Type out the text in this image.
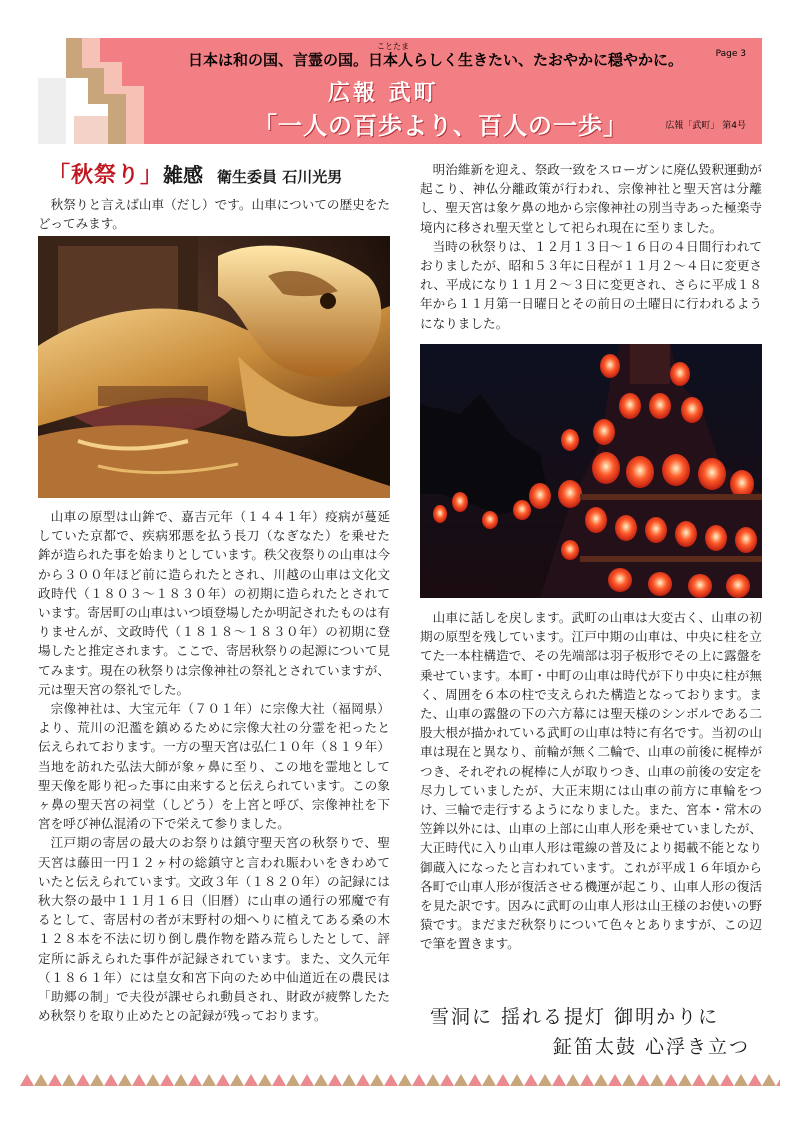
ことたま
日本は和の国、言霊の国。日本人らしく生きたい、たおやかに穏やかに。	Page 3
広報 武町
「一人の百歩より、百人の一歩」	広報「武町」 第4号
「秋祭り」雑感 衛生委員 石川光男

秋祭りと言えば山車（だし）です。山車についての歴史をたどってみます。

山車の原型は山鉾で、嘉吉元年（１４４１年）疫病が蔓延していた京都で、疾病邪悪を払う長刀（なぎなた）を乗せた鉾が造られた事を始まりとしています。秩父夜祭りの山車は今から３００年ほど前に造られたとされ、川越の山車は文化文政時代（１８０３～１８３０年）の初期に造られたとされています。寄居町の山車はいつ頃登場したか明記されたものは有りませんが、文政時代（１８１８～１８３０年）の初期に登場したと推定されます。ここで、寄居秋祭りの起源について見てみます。現在の秋祭りは宗像神社の祭礼とされていますが、元は聖天宮の祭礼でした。

宗像神社は、大宝元年（７０１年）に宗像大社（福岡県）より、荒川の氾濫を鎮めるために宗像大社の分霊を祀ったと伝えられております。一方の聖天宮は弘仁１０年（８１９年）当地を訪れた弘法大師が象ヶ鼻に至り、この地を霊地として聖天像を彫り祀った事に由来すると伝えられています。この象ヶ鼻の聖天宮の祠堂（しどう）を上宮と呼び、宗像神社を下宮を呼び神仏混淆の下で栄えて参りました。

江戸期の寄居の最大のお祭りは鎮守聖天宮の秋祭りで、聖天宮は藤田一円１２ヶ村の総鎮守と言われ賑わいをきわめていたと伝えられています。文政３年（１８２０年）の記録には秋大祭の最中１１月１６日（旧暦）に山車の通行の邪魔で有るとして、寄居村の者が末野村の畑へりに植えてある桑の木１２８本を不法に切り倒し農作物を踏み荒らしたとして、評定所に訴えられた事件が記録されています。また、文久元年（１８６１年）には皇女和宮下向のため中仙道近在の農民は「助郷の制」で夫役が課せられ動員され、財政が疲弊したため秋祭りを取り止めたとの記録が残っております。

明治維新を迎え、祭政一致をスローガンに廃仏毀釈運動が起こり、神仏分離政策が行われ、宗像神社と聖天宮は分離し、聖天宮は象ケ鼻の地から宗像神社の別当寺あった極楽寺境内に移され聖天堂として祀られ現在に至りました。

当時の秋祭りは、１２月１３日～１６日の４日間行われておりましたが、昭和５３年に日程が１１月２～４日に変更され、平成になり１１月２～３日に変更され、さらに平成１８年から１１月第一日曜日とその前日の土曜日に行われるようになりました。

山車に話しを戻します。武町の山車は大変古く、山車の初期の原型を残しています。江戸中期の山車は、中央に柱を立てた一本柱構造で、その先端部は羽子板形でその上に露盤を乗せています。本町・中町の山車は時代が下り中央に柱が無く、周囲を６本の柱で支えられた構造となっております。また、山車の露盤の下の六方幕には聖天様のシンボルである二股大根が描かれている武町の山車は特に有名です。当初の山車は現在と異なり、前輪が無く二輪で、山車の前後に梶棒がつき、それぞれの梶棒に人が取りつき、山車の前後の安定を尽力していましたが、大正末期には山車の前方に車輪をつけ、三輪で走行するようになりました。また、宮本・常木の笠鉾以外には、山車の上部に山車人形を乗せていましたが、大正時代に入り山車人形は電線の普及により掲載不能となり御蔵入になったと言われています。これが平成１６年頃から各町で山車人形が復活させる機運が起こり、山車人形の復活を見た訳です。因みに武町の山車人形は山王様のお使いの野猿です。まだまだ秋祭りについて色々とありますが、この辺で筆を置きます。

雪洞に 揺れる提灯 御明かりに
鉦笛太鼓 心浮き立つ
